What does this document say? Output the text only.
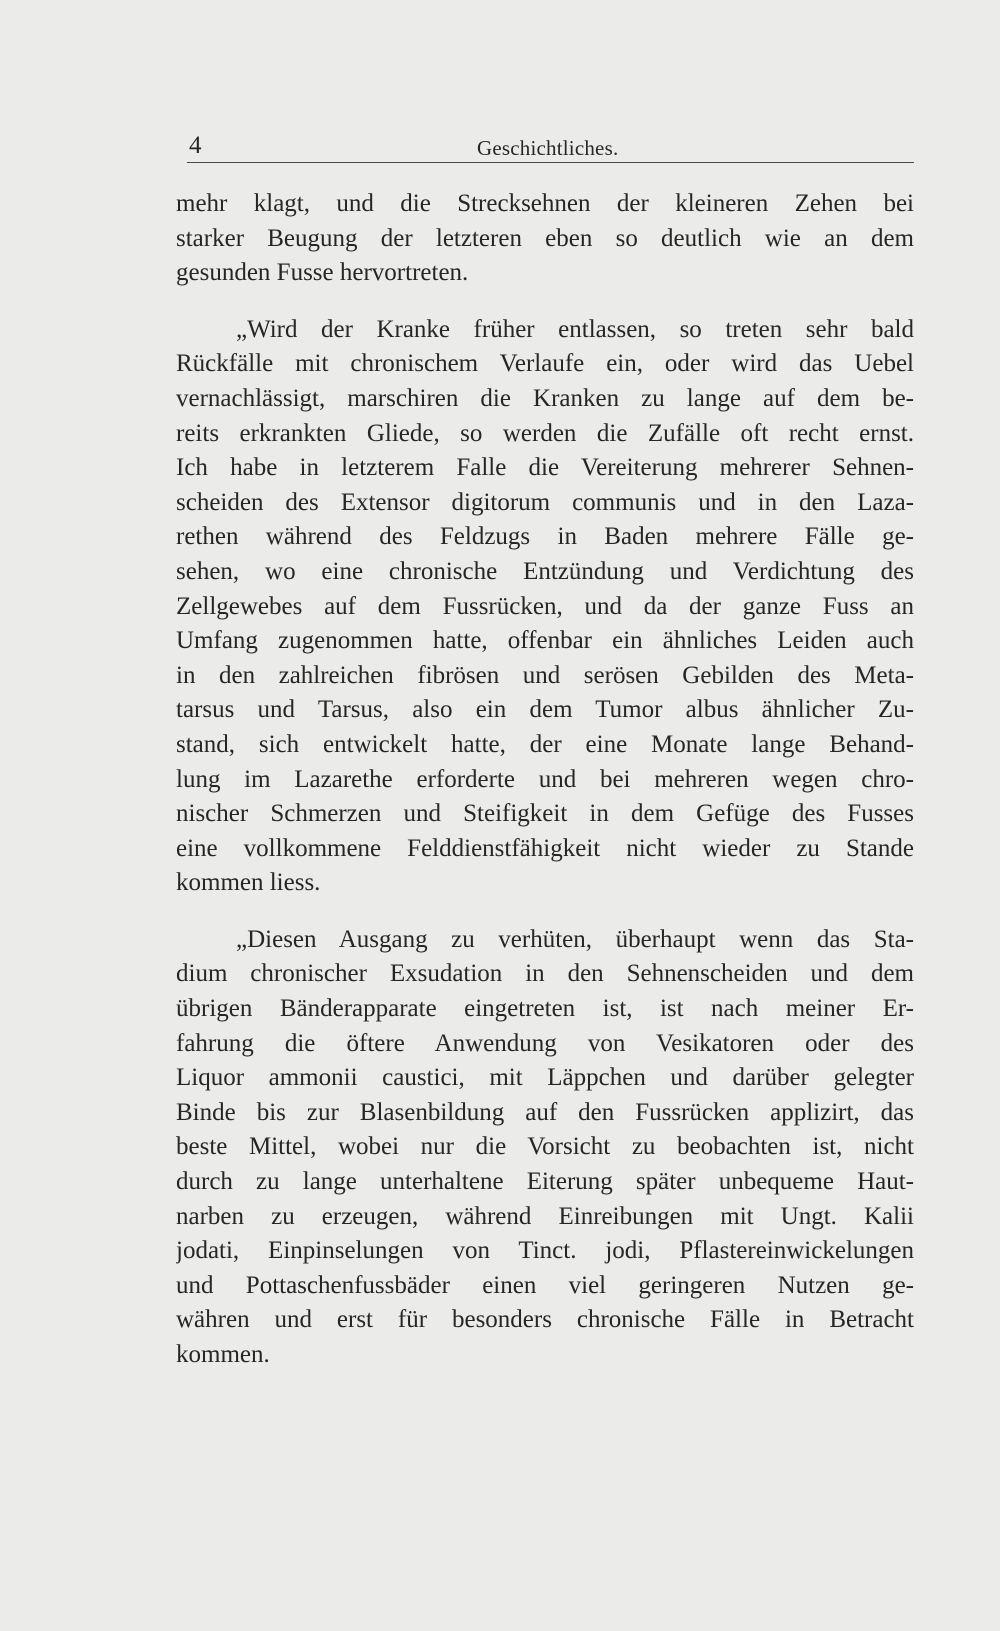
4	Geschichtliches.
mehr klagt, und die Strecksehnen der kleineren Zehen bei
starker Beugung der letzteren eben so deutlich wie an dem
gesunden Fusse hervortreten.
„Wird der Kranke früher entlassen, so treten sehr bald
Rückfälle mit chronischem Verlaufe ein, oder wird das Uebel
vernachlässigt, marschiren die Kranken zu lange auf dem be-
reits erkrankten Gliede, so werden die Zufälle oft recht ernst.
Ich habe in letzterem Falle die Vereiterung mehrerer Sehnen-
scheiden des Extensor digitorum communis und in den Laza-
rethen während des Feldzugs in Baden mehrere Fälle ge-
sehen, wo eine chronische Entzündung und Verdichtung des
Zellgewebes auf dem Fussrücken, und da der ganze Fuss an
Umfang zugenommen hatte, offenbar ein ähnliches Leiden auch
in den zahlreichen fibrösen und serösen Gebilden des Meta-
tarsus und Tarsus, also ein dem Tumor albus ähnlicher Zu-
stand, sich entwickelt hatte, der eine Monate lange Behand-
lung im Lazarethe erforderte und bei mehreren wegen chro-
nischer Schmerzen und Steifigkeit in dem Gefüge des Fusses
eine vollkommene Felddienstfähigkeit nicht wieder zu Stande
kommen liess.
„Diesen Ausgang zu verhüten, überhaupt wenn das Sta-
dium chronischer Exsudation in den Sehnenscheiden und dem
übrigen Bänderapparate eingetreten ist, ist nach meiner Er-
fahrung die öftere Anwendung von Vesikatoren oder des
Liquor ammonii caustici, mit Läppchen und darüber gelegter
Binde bis zur Blasenbildung auf den Fussrücken applizirt, das
beste Mittel, wobei nur die Vorsicht zu beobachten ist, nicht
durch zu lange unterhaltene Eiterung später unbequeme Haut-
narben zu erzeugen, während Einreibungen mit Ungt. Kalii
jodati, Einpinselungen von Tinct. jodi, Pflastereinwickelungen
und Pottaschenfussbäder einen viel geringeren Nutzen ge-
währen und erst für besonders chronische Fälle in Betracht
kommen.
